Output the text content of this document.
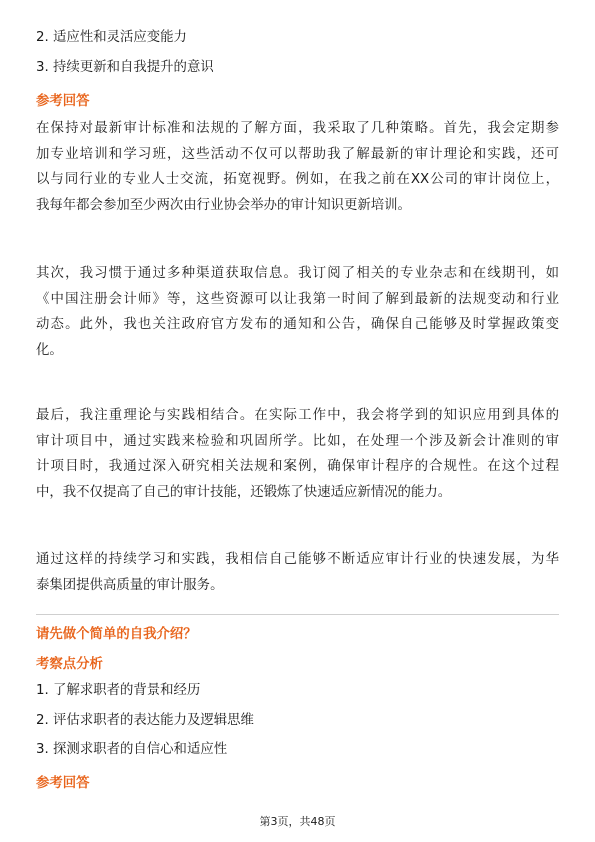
2. 适应性和灵活应变能力
3. 持续更新和自我提升的意识
参考回答
在保持对最新审计标准和法规的了解方面，我采取了几种策略。首先，我会定期参
加专业培训和学习班，这些活动不仅可以帮助我了解最新的审计理论和实践，还可
以与同行业的专业人士交流，拓宽视野。例如，在我之前在XX公司的审计岗位上，
我每年都会参加至少两次由行业协会举办的审计知识更新培训。
其次，我习惯于通过多种渠道获取信息。我订阅了相关的专业杂志和在线期刊，如
《中国注册会计师》等，这些资源可以让我第一时间了解到最新的法规变动和行业
动态。此外，我也关注政府官方发布的通知和公告，确保自己能够及时掌握政策变
化。
最后，我注重理论与实践相结合。在实际工作中，我会将学到的知识应用到具体的
审计项目中，通过实践来检验和巩固所学。比如，在处理一个涉及新会计准则的审
计项目时，我通过深入研究相关法规和案例，确保审计程序的合规性。在这个过程
中，我不仅提高了自己的审计技能，还锻炼了快速适应新情况的能力。
通过这样的持续学习和实践，我相信自己能够不断适应审计行业的快速发展，为华
泰集团提供高质量的审计服务。
请先做个简单的自我介绍？
考察点分析
1. 了解求职者的背景和经历
2. 评估求职者的表达能力及逻辑思维
3. 探测求职者的自信心和适应性
参考回答
第3页，共48页
